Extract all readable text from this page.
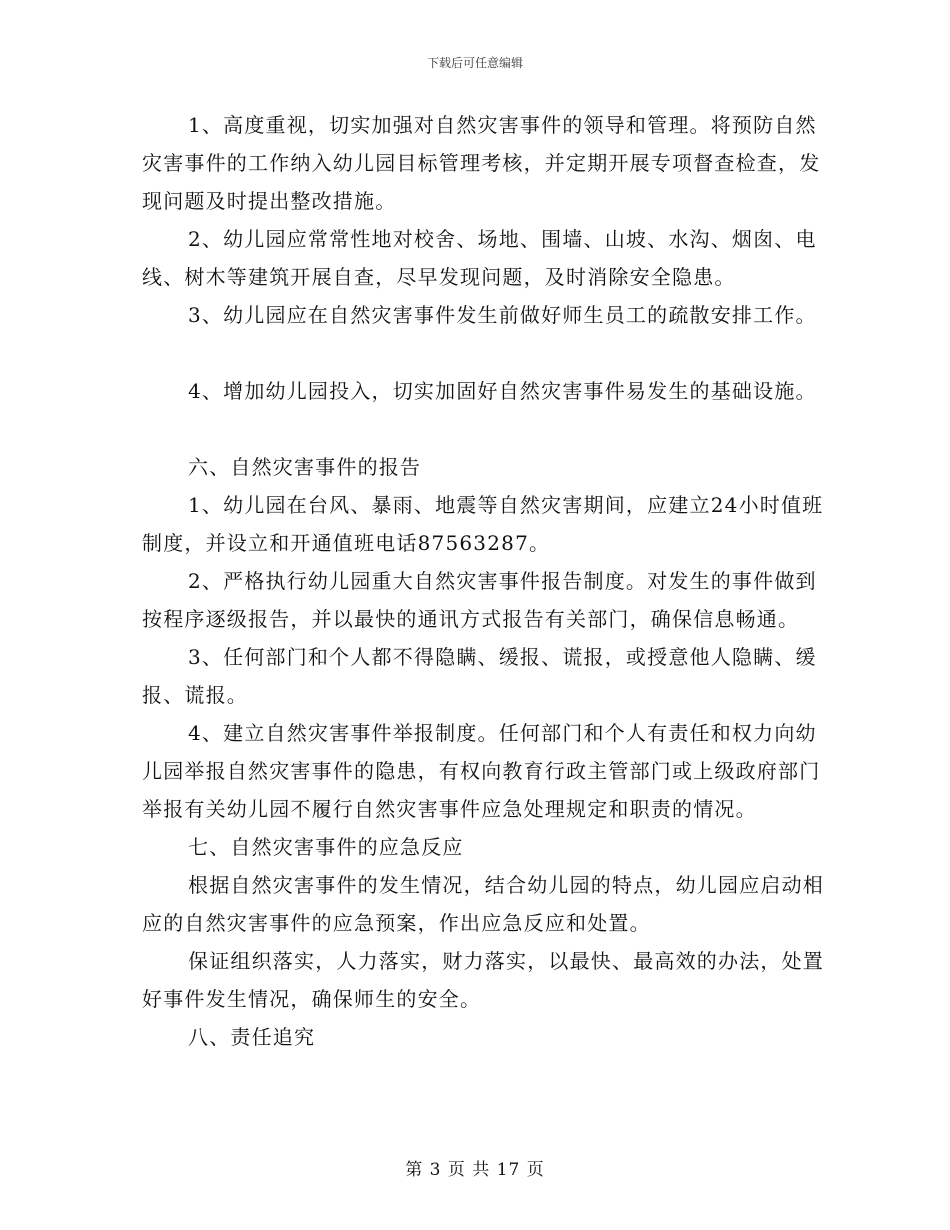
下载后可任意编辑

1、高度重视，切实加强对自然灾害事件的领导和管理。将预防自然灾害事件的工作纳入幼儿园目标管理考核，并定期开展专项督查检查，发现问题及时提出整改措施。

2、幼儿园应常常性地对校舍、场地、围墙、山坡、水沟、烟囱、电线、树木等建筑开展自查，尽早发现问题，及时消除安全隐患。

3、幼儿园应在自然灾害事件发生前做好师生员工的疏散安排工作。

4、增加幼儿园投入，切实加固好自然灾害事件易发生的基础设施。

六、自然灾害事件的报告

1、幼儿园在台风、暴雨、地震等自然灾害期间，应建立24小时值班制度，并设立和开通值班电话87563287。

2、严格执行幼儿园重大自然灾害事件报告制度。对发生的事件做到按程序逐级报告，并以最快的通讯方式报告有关部门，确保信息畅通。

3、任何部门和个人都不得隐瞒、缓报、谎报，或授意他人隐瞒、缓报、谎报。

4、建立自然灾害事件举报制度。任何部门和个人有责任和权力向幼儿园举报自然灾害事件的隐患，有权向教育行政主管部门或上级政府部门举报有关幼儿园不履行自然灾害事件应急处理规定和职责的情况。

七、自然灾害事件的应急反应

根据自然灾害事件的发生情况，结合幼儿园的特点，幼儿园应启动相应的自然灾害事件的应急预案，作出应急反应和处置。

保证组织落实，人力落实，财力落实，以最快、最高效的办法，处置好事件发生情况，确保师生的安全。

八、责任追究

第 3 页 共 17 页
